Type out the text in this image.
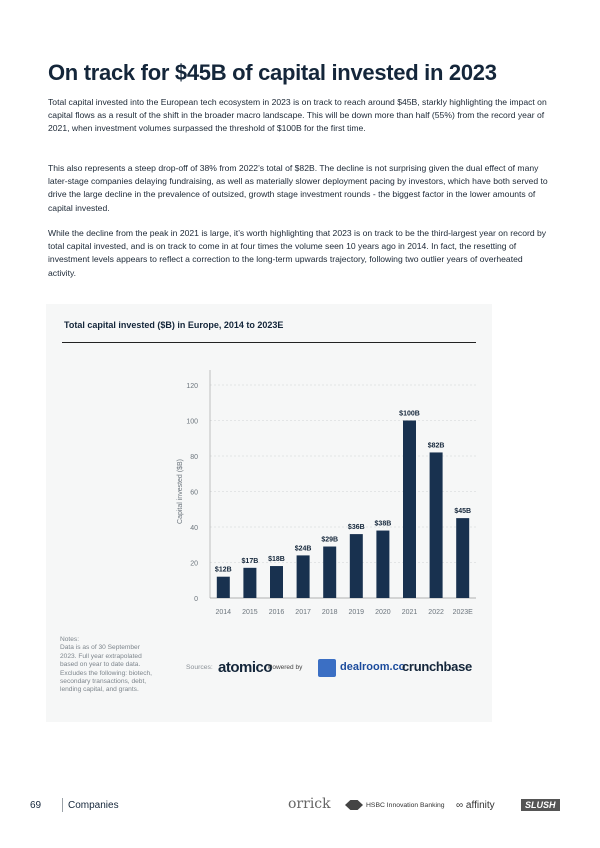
On track for $45B of capital invested in 2023

Total capital invested into the European tech ecosystem in 2023 is on track to reach around $45B, starkly highlighting the impact on capital flows as a result of the shift in the broader macro landscape. This will be down more than half (55%) from the record year of 2021, when investment volumes surpassed the threshold of $100B for the first time.

This also represents a steep drop-off of 38% from 2022’s total of $82B. The decline is not surprising given the dual effect of many later-stage companies delaying fundraising, as well as materially slower deployment pacing by investors, which have both served to drive the large decline in the prevalence of outsized, growth stage investment rounds - the biggest factor in the lower amounts of capital invested.

While the decline from the peak in 2021 is large, it’s worth highlighting that 2023 is on track to be the third-largest year on record by total capital invested, and is on track to come in at four times the volume seen 10 years ago in 2014. In fact, the resetting of investment levels appears to reflect a correction to the long-term upwards trajectory, following two outlier years of overheated activity.

Total capital invested ($B) in Europe, 2014 to 2023E
0
20
40
60
80
100
120
Capital invested ($B)
$12B
2014
$17B
2015
$18B
2016
$24B
2017
$29B
2018
$36B
2019
$38B
2020
$100B
2021
$82B
2022
$45B
2023E
Notes:
Data is as of 30 September 2023. Full year extrapolated based on year to date data. Excludes the following: biotech, secondary transactions, debt, lending capital, and grants.
Sources: atomico
Powered by	dealroom.co
crunchbase
69	Companies	orrick	HSBC Innovation Banking ∞ affinity	SLUSH
